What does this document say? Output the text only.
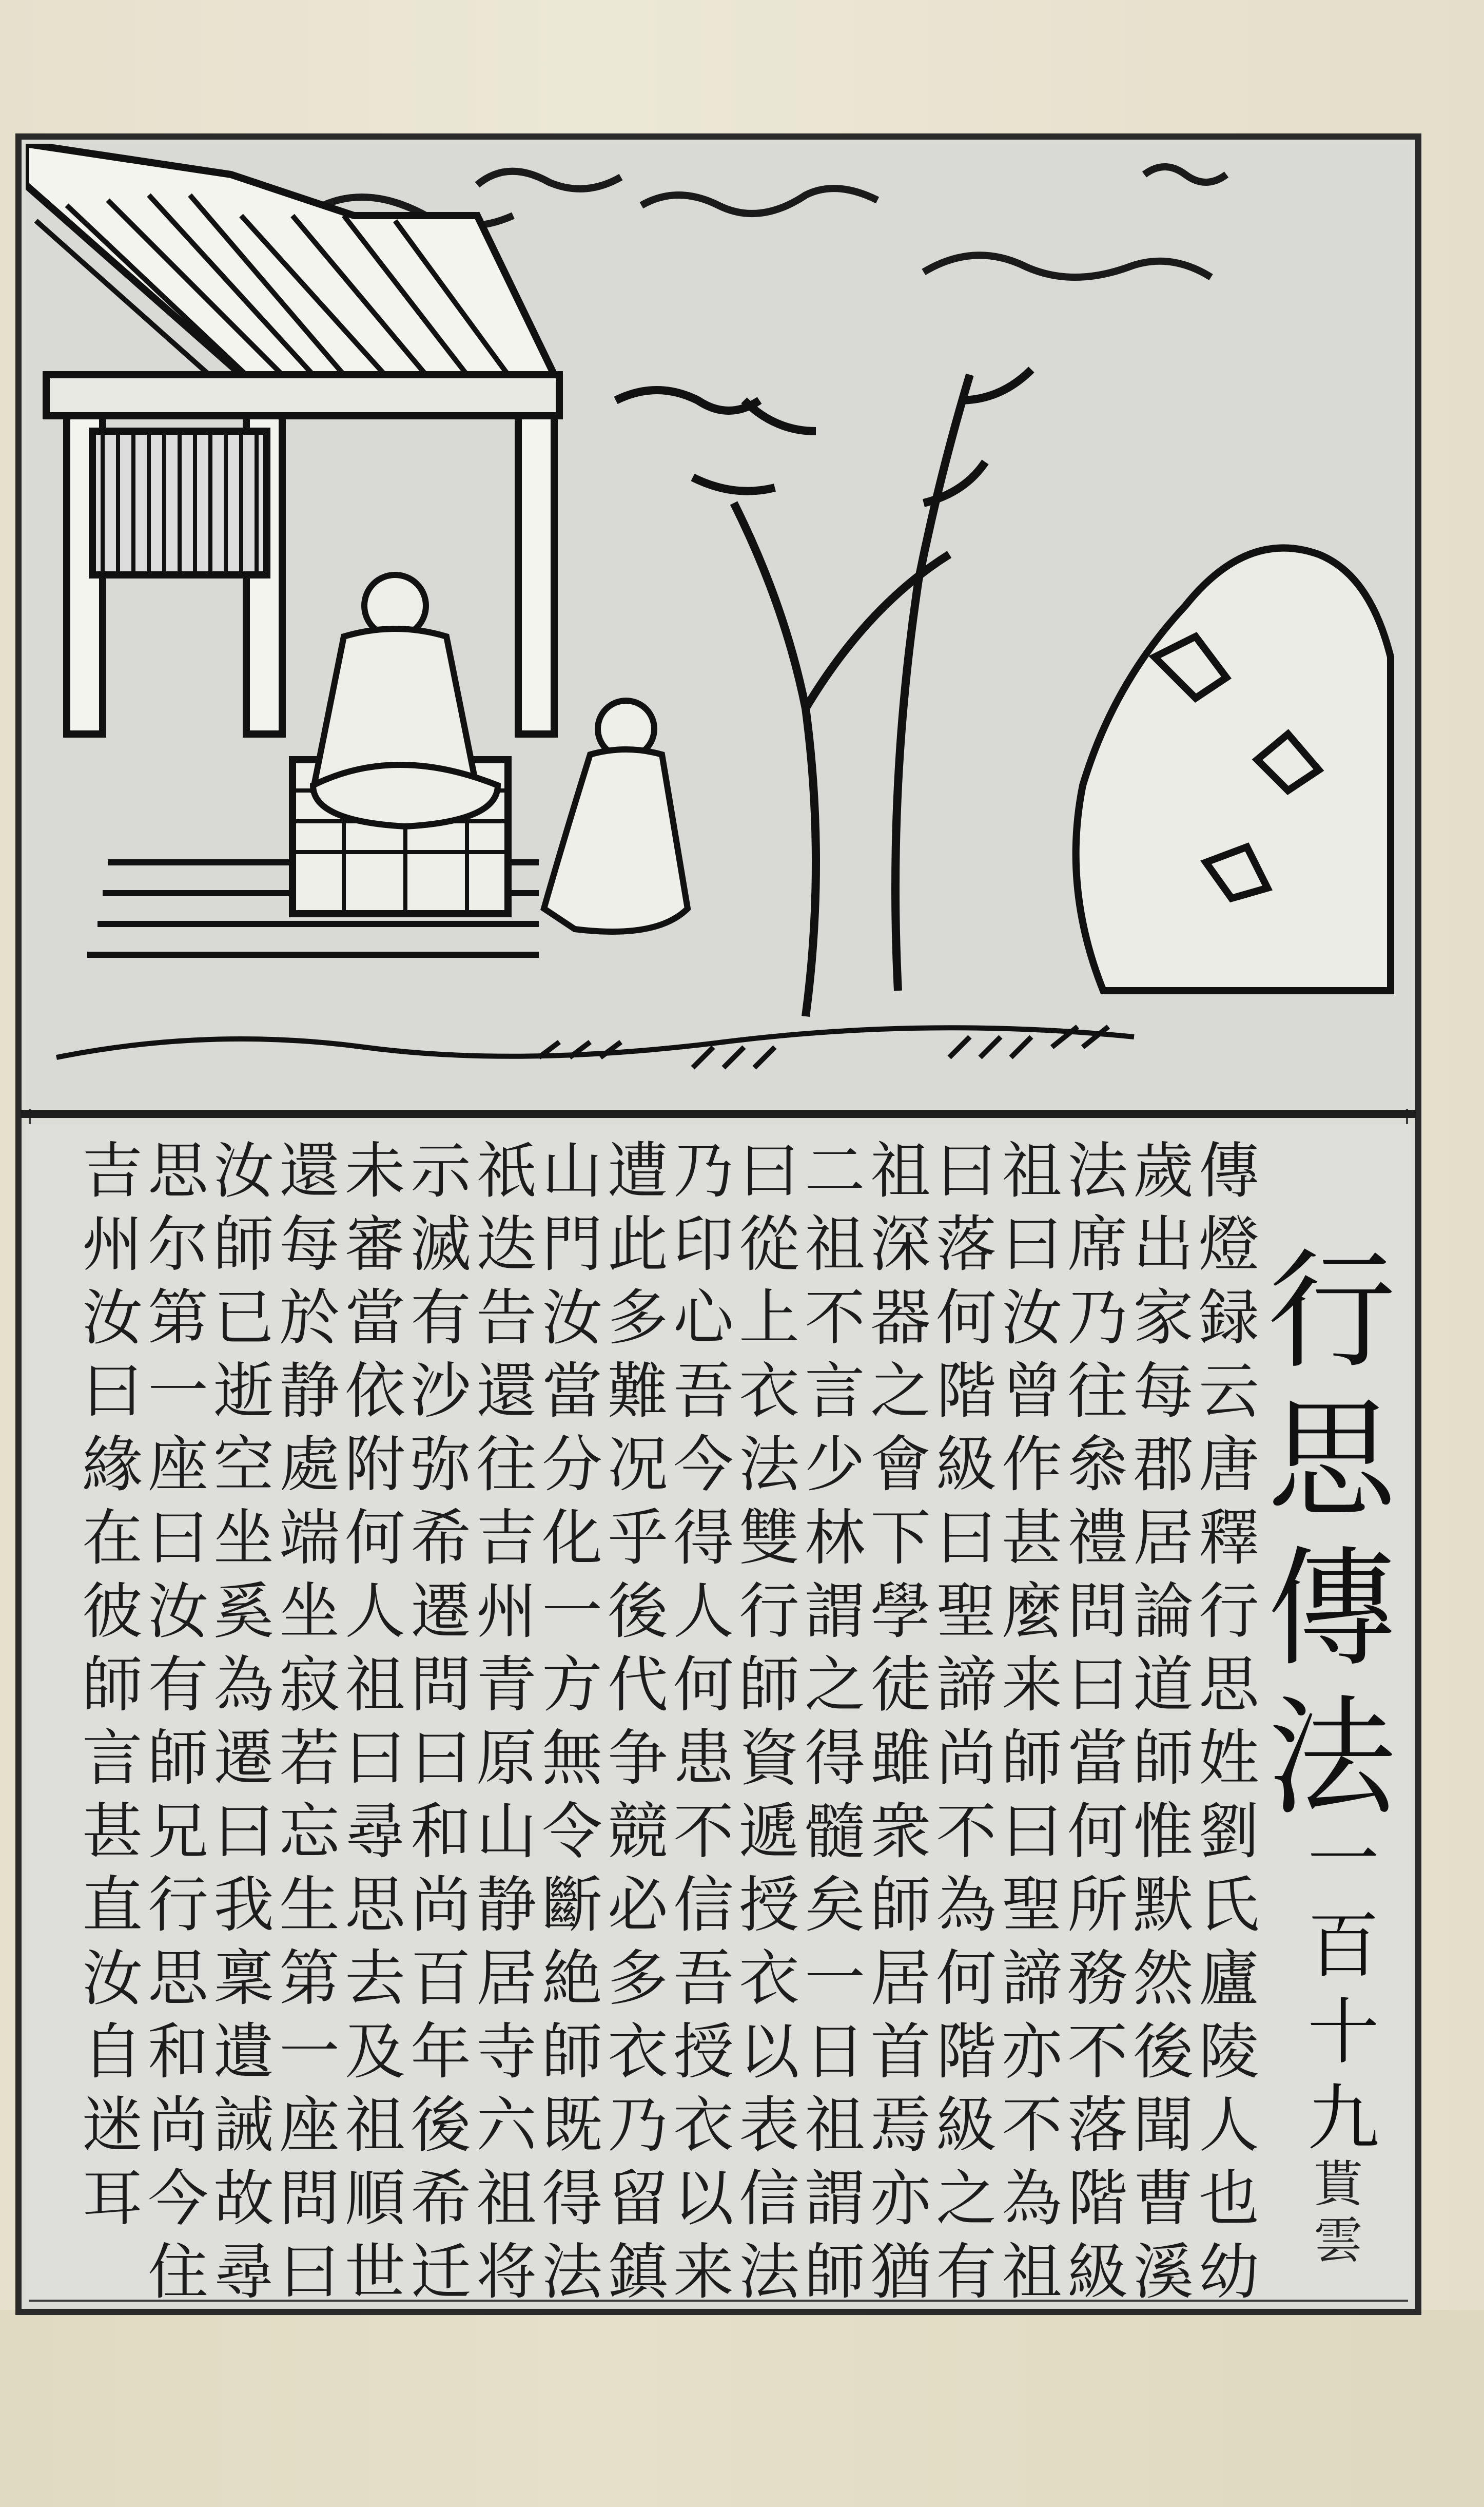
行思傳法
一百十九
貰雲
傳
燈
録
云
唐
釋
行
思
姓
劉
氏
廬
陵
人
也
幼
歲
出
家
每
郡
居
論
道
師
惟
默
然
後
聞
曹
溪
法
席
乃
往
叅
禮
問
曰
當
何
所
務
不
落
階
級
祖
曰
汝
曾
作
甚
麼
来
師
曰
聖
諦
亦
不
為
祖
曰
落
何
階
級
曰
聖
諦
尚
不
為
何
階
級
之
有
祖
深
器
之
會
下
學
徒
雖
衆
師
居
首
焉
亦
猶
二
祖
不
言
少
林
謂
之
得
髓
矣
一
日
祖
謂
師
曰
從
上
衣
法
雙
行
師
資
遞
授
衣
以
表
信
法
乃
印
心
吾
今
得
人
何
患
不
信
吾
授
衣
以
来
遭
此
多
難
况
乎
後
代
争
競
必
多
衣
乃
留
鎮
山
門
汝
當
分
化
一
方
無
令
斷
絶
師
既
得
法
祇
迭
告
還
往
吉
州
青
原
山
静
居
寺
六
祖
将
示
滅
有
沙
弥
希
遷
問
曰
和
尚
百
年
後
希
迁
未
審
當
依
附
何
人
祖
曰
尋
思
去
及
祖
順
世
還
每
於
静
處
端
坐
寂
若
忘
生
第
一
座
問
曰
汝
師
已
逝
空
坐
奚
為
遷
曰
我
稟
遺
誡
故
尋
思
尔
第
一
座
曰
汝
有
師
兄
行
思
和
尚
今
住
吉
州
汝
曰
緣
在
彼
師
言
甚
直
汝
自
迷
耳
